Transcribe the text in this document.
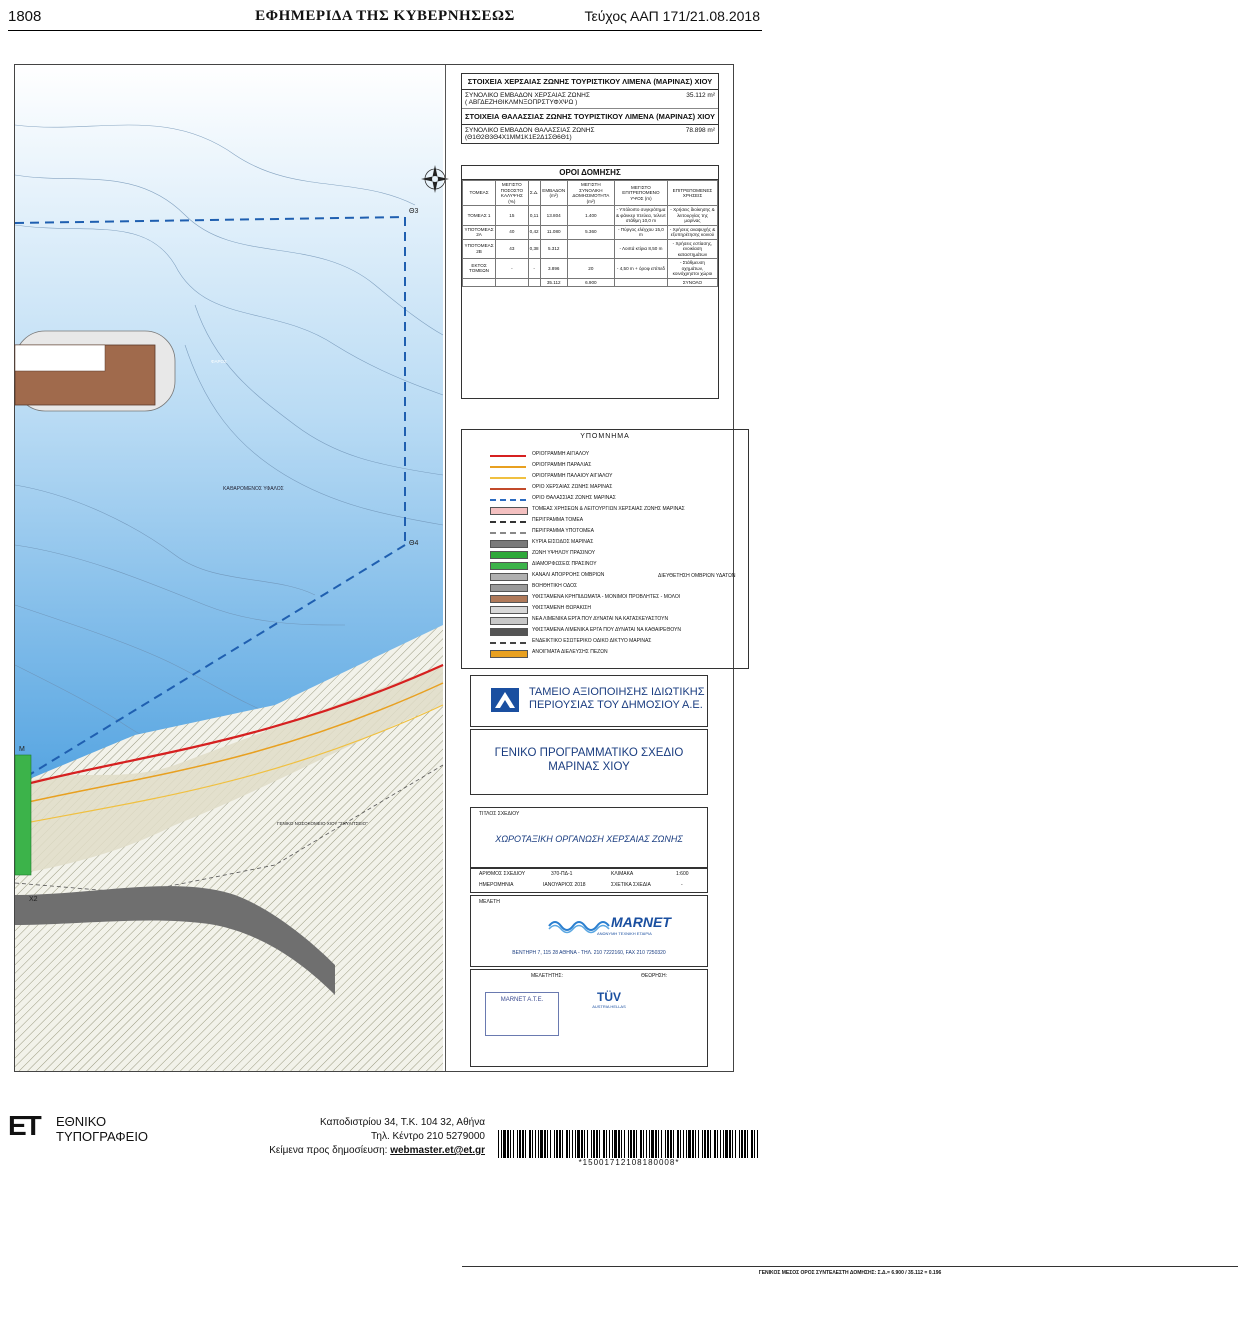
1808	ΕΦΗΜΕΡΙΔΑ ΤΗΣ ΚΥΒΕΡΝΗΣΕΩΣ	Τεύχος ΑΑΠ 171/21.08.2018
ΦΑΡΟΣ
ΚΑΘΑΡΟΜΕΝΟΣ ΥΦΑΛΟΣ
ΓΕΝΙΚΟ ΝΟΣΟΚΟΜΕΙΟ ΧΙΟΥ "ΣΚΥΛΙΤΣΕΙΟ"
Θ3
Θ4
Μ
Χ2
ΣΤΟΙΧΕΙΑ ΧΕΡΣΑΙΑΣ ΖΩΝΗΣ ΤΟΥΡΙΣΤΙΚΟΥ ΛΙΜΕΝΑ (ΜΑΡΙΝΑΣ) ΧΙΟΥ
ΣΥΝΟΛΙΚΟ ΕΜΒΑΔΟΝ ΧΕΡΣΑΙΑΣ ΖΩΝΗΣ
( ΑΒΓΔΕΖΗΘΙΚΛΜΝΞΟΠΡΣΤΥΦΧΨΩ )
35.112 m²
ΣΤΟΙΧΕΙΑ ΘΑΛΑΣΣΙΑΣ ΖΩΝΗΣ ΤΟΥΡΙΣΤΙΚΟΥ ΛΙΜΕΝΑ (ΜΑΡΙΝΑΣ) ΧΙΟΥ
ΣΥΝΟΛΙΚΟ ΕΜΒΑΔΟΝ ΘΑΛΑΣΣΙΑΣ ΖΩΝΗΣ
(Θ1Θ2Θ3Θ4Χ1ΜΜ1Κ1Ε2Δ1ΣΘ6Θ1)
78.898 m²
ΟΡΟΙ ΔΟΜΗΣΗΣ
ΤΟΜΕΑΣ	ΜΕΓΙΣΤΟ ΠΟΣΟΣΤΟ ΚΑΛΥΨΗΣ (%)	Σ.Δ.	ΕΜΒΑΔΟΝ (m²)	ΜΕΓΙΣΤΗ ΣΥΝΟΛΙΚΗ ΔΟΜΗΣΙΜΟΤΗΤΑ (m²)	ΜΕΓΙΣΤΟ ΕΠΙΤΡΕΠΟΜΕΝΟ ΥΨΟΣ (m)	ΕΠΙΤΡΕΠΟΜΕΝΕΣ ΧΡΗΣΕΙΣ
ΤΟΜΕΑΣ 1	15	0,11	13.804	1.400	- Υπόλοιπο συγκρότημα & φάνκερ πτεύεα, τελευτ στάθμη 10,0 m	- Χρήσεις διοίκησης & λειτουργίας της μαρίνας
ΥΠΟΤΟΜΕΑΣ 2Α	40	0,42	11.080	5.360	- Πύργος ελέγχου 15,0 m	- Χρήσεις αναψυχής & εξυπηρέτησης κοινού
ΥΠΟΤΟΜΕΑΣ 2Β	43	0,38	5.312		- Λοιπά κτίρια 8,50 m	- Χρήσεις εστίασης, ενοικίαση καταστημάτων
ΕΚΤΟΣ ΤΟΜΕΩΝ	-	-	3.896	20	- 4,50 m + όροφ επίπεδ	- Στάθμευση οχημάτων, κοινόχρηστοι χώροι
			35.112	6.900		ΣΥΝΟΛΟ
ΓΕΝΙΚΟΣ ΜΕΣΟΣ ΟΡΟΣ ΣΥΝΤΕΛΕΣΤΗ ΔΟΜΗΣΗΣ: Σ.Δ.= 6.900 / 35.112 = 0.196
ΥΠΟΜΝΗΜΑ
ΟΡΙΟΓΡΑΜΜΗ ΑΙΓΙΑΛΟΥ
ΟΡΙΟΓΡΑΜΜΗ ΠΑΡΑΛΙΑΣ
ΟΡΙΟΓΡΑΜΜΗ ΠΑΛΑΙΟΥ ΑΙΓΙΑΛΟΥ
ΟΡΙΟ ΧΕΡΣΑΙΑΣ ΖΩΝΗΣ ΜΑΡΙΝΑΣ
ΟΡΙΟ ΘΑΛΑΣΣΙΑΣ ΖΩΝΗΣ ΜΑΡΙΝΑΣ
ΤΟΜΕΑΣ ΧΡΗΣΕΩΝ & ΛΕΙΤΟΥΡΓΙΩΝ ΧΕΡΣΑΙΑΣ ΖΩΝΗΣ ΜΑΡΙΝΑΣ
ΠΕΡΙΓΡΑΜΜΑ ΤΟΜΕΑ
ΠΕΡΙΓΡΑΜΜΑ ΥΠΟΤΟΜΕΑ
ΚΥΡΙΑ ΕΙΣΟΔΟΣ ΜΑΡΙΝΑΣ
ΖΩΝΗ ΥΨΗΛΟΥ ΠΡΑΣΙΝΟΥ
ΔΙΑΜΟΡΦΩΣΕΙΣ ΠΡΑΣΙΝΟΥ
ΚΑΝΑΛΙ ΑΠΟΡΡΟΗΣ ΟΜΒΡΙΩΝ
ΒΟΗΘΗΤΙΚΗ ΟΔΟΣ
ΥΦΙΣΤΑΜΕΝΑ ΚΡΗΠΙΔΩΜΑΤΑ - ΜΟΝΙΜΟΙ ΠΡΟΒΛΗΤΕΣ - ΜΟΛΟΙ
ΥΦΙΣΤΑΜΕΝΗ ΘΩΡΑΚΙΣΗ
ΝΕΑ ΛΙΜΕΝΙΚΑ ΕΡΓΑ ΠΟΥ ΔΥΝΑΤΑΙ ΝΑ ΚΑΤΑΣΚΕΥΑΣΤΟΥΝ
ΥΦΙΣΤΑΜΕΝΑ ΛΙΜΕΝΙΚΑ ΕΡΓΑ ΠΟΥ ΔΥΝΑΤΑΙ ΝΑ ΚΑΘΑΙΡΕΘΟΥΝ
ΕΝΔΕΙΚΤΙΚΟ ΕΣΩΤΕΡΙΚΟ ΟΔΙΚΟ ΔΙΚΤΥΟ ΜΑΡΙΝΑΣ
ΑΝΟΙΓΜΑΤΑ ΔΙΕΛΕΥΣΗΣ ΠΕΖΩΝ
ΔΙΕΥΘΕΤΗΣΗ ΟΜΒΡΙΩΝ ΥΔΑΤΩΝ
ΤΑΜΕΙΟ ΑΞΙΟΠΟΙΗΣΗΣ ΙΔΙΩΤΙΚΗΣ
ΠΕΡΙΟΥΣΙΑΣ ΤΟΥ ΔΗΜΟΣΙΟΥ Α.Ε.
ΓΕΝΙΚΟ ΠΡΟΓΡΑΜΜΑΤΙΚΟ ΣΧΕΔΙΟ
ΜΑΡΙΝΑΣ ΧΙΟΥ
ΤΙΤΛΟΣ ΣΧΕΔΙΟΥ
ΧΩΡΟΤΑΞΙΚΗ ΟΡΓΑΝΩΣΗ ΧΕΡΣΑΙΑΣ ΖΩΝΗΣ
ΑΡΙΘΜΟΣ ΣΧΕΔΙΟΥ	370-ΠΔ-1	ΚΛΙΜΑΚΑ	1:600
ΗΜΕΡΟΜΗΝΙΑ	ΙΑΝΟΥΑΡΙΟΣ 2018	ΣΧΕΤΙΚΑ ΣΧΕΔΙΑ	-
ΜΕΛΕΤΗ
MARNET
ΑΝΩΝΥΜΗ ΤΕΧΝΙΚΗ ΕΤΑΙΡΙΑ
ΒΕΝΤΗΡΗ 7, 115 28 ΑΘΗΝΑ - ΤΗΛ. 210 7222160, FAX 210 7250320
ΜΕΛΕΤΗΤΗΣ:	ΘΕΩΡΗΣΗ:
MARNET A.T.E.	TÜV
AUSTRIA HELLAS
ET ΕΘΝΙΚΟ
ΤΥΠΟΓΡΑΦΕΙΟ
Καποδιστρίου 34, Τ.Κ. 104 32, Αθήνα
Τηλ. Κέντρο 210 5279000
Κείμενα προς δημοσίευση: webmaster.et@et.gr
*15001712108180008*
